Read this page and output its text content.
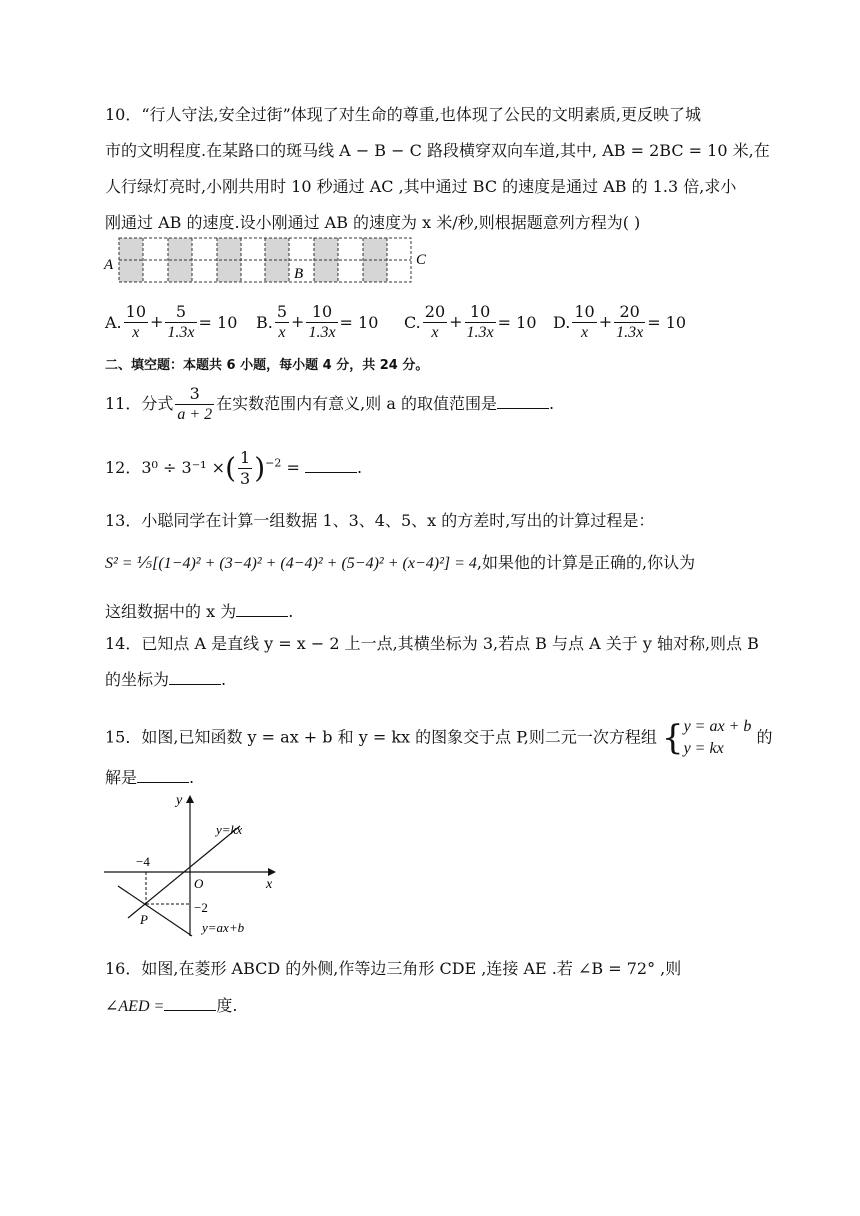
10．“行人守法,安全过街”体现了对生命的尊重,也体现了公民的文明素质,更反映了城
市的文明程度.在某路口的斑马线 A − B − C 路段横穿双向车道,其中, AB = 2BC = 10 米,在
人行绿灯亮时,小刚共用时 10 秒通过 AC ,其中通过 BC 的速度是通过 AB 的 1.3 倍,求小
刚通过 AB 的速度.设小刚通过 AB 的速度为 x 米/秒,则根据题意列方程为( )
A
B
C
A. $\frac{10}{x} + \frac{5}{1.3x} = 10$ B. $\frac{5}{x} + \frac{10}{1.3x} = 10$ C. $\frac{20}{x} + \frac{10}{1.3x} = 10$ D. $\frac{10}{x} + \frac{20}{1.3x} = 10$
二、填空题：本题共 6 小题，每小题 4 分，共 24 分。
11．分式 $\frac{3}{a + 2}$ 在实数范围内有意义,则 a 的取值范围是	.
12．3⁰ ÷ 3⁻¹ ×( $\frac{1}{3} )^{-2}$ =	.
13．小聪同学在计算一组数据 1、3、4、5、x 的方差时,写出的计算过程是：
S² = ⅕[(1−4)² + (3−4)² + (4−4)² + (5−4)² + (x−4)²] = 4,如果他的计算是正确的,你认为
这组数据中的 x 为	.
14．已知点 A 是直线 y = x − 2 上一点,其横坐标为 3,若点 B 与点 A 关于 y 轴对称,则点 B
的坐标为	.
15．如图,已知函数 y = ax + b 和 y = kx 的图象交于点 P,则二元一次方程组 { y = ax + b
y = kx
的
解是	.
y
x
O
−4
−2
P
y=kx
y=ax+b
16．如图,在菱形 ABCD 的外侧,作等边三角形 CDE ,连接 AE .若 ∠B = 72° ,则
∠AED =	度.
